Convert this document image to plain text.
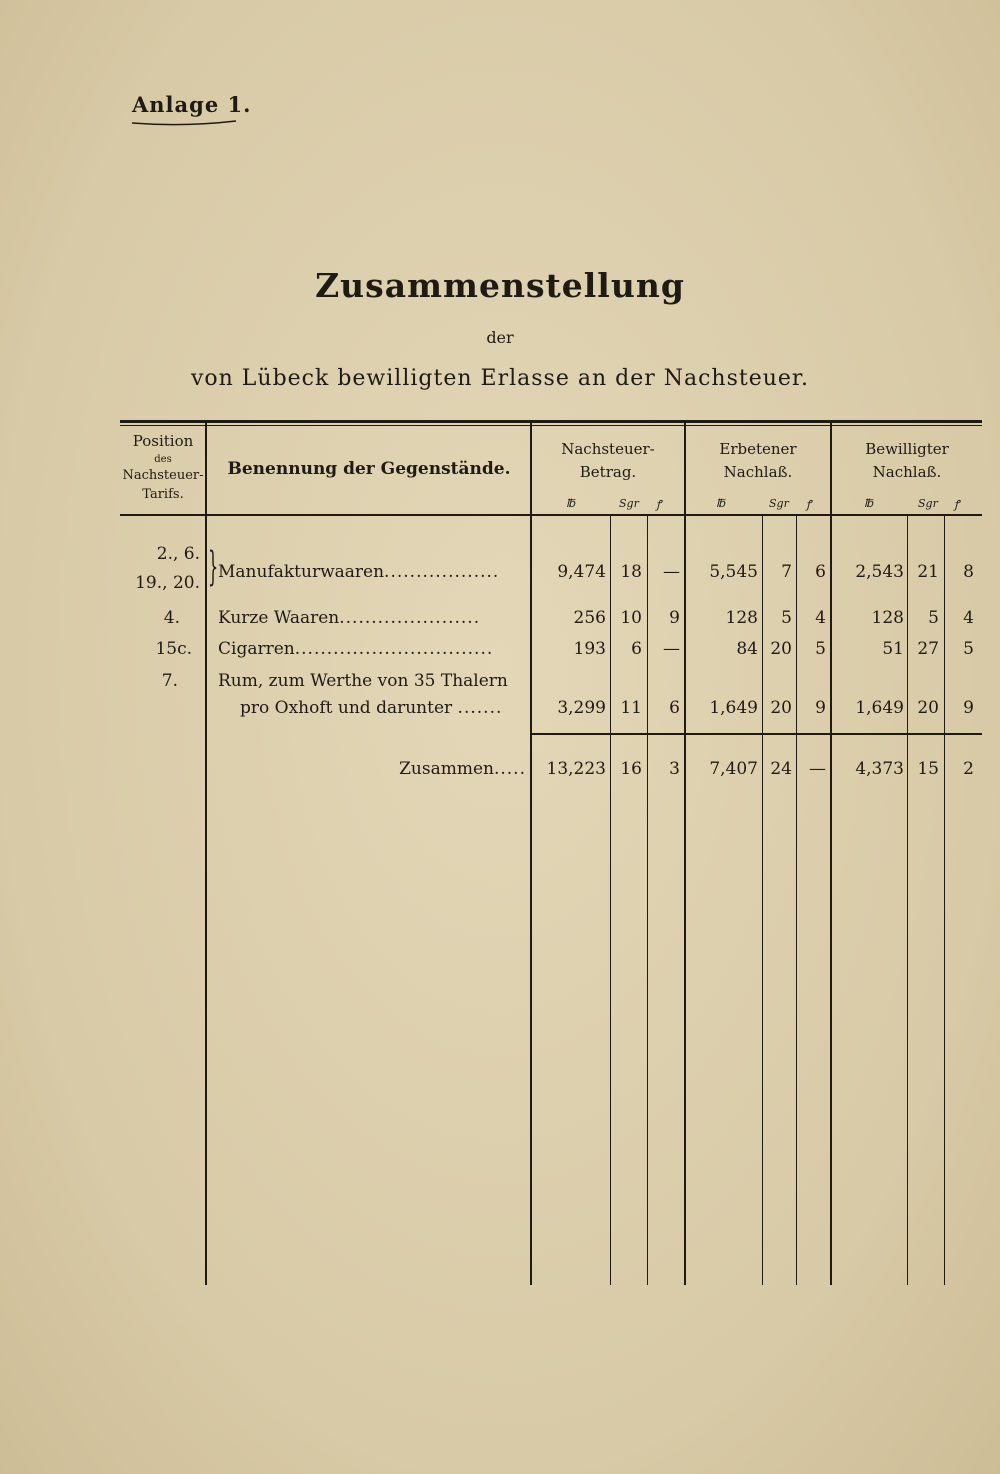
Anlage 1.
Zusammenstellung
der
von Lübeck bewilligten Erlasse an der Nachsteuer.
Position
des
Nachsteuer-
Tarifs.
Benennung der Gegenstände.
Nachsteuer-
Betrag.
Erbetener
Nachlaß.
Bewilligter
Nachlaß.
℔	Sgr ꝭ	℔	Sgr ꝭ	℔	Sgr ꝭ
2., 6.
19., 20. } Manufakturwaaren..................	9,474 18	—	5,545	7	6	2,543 21	8
4. Kurze Waaren......................	256 10	9	128	5	4	128	5	4
15c. Cigarren...............................	193	6	—	84 20	5	51 27	5
7. Rum, zum Werthe von 35 Thalern
pro Oxhoft und darunter .......	3,299 11	6	1,649 20	9	1,649 20	9
Zusammen.....	13,223 16	3	7,407 24	—	4,373 15	2
